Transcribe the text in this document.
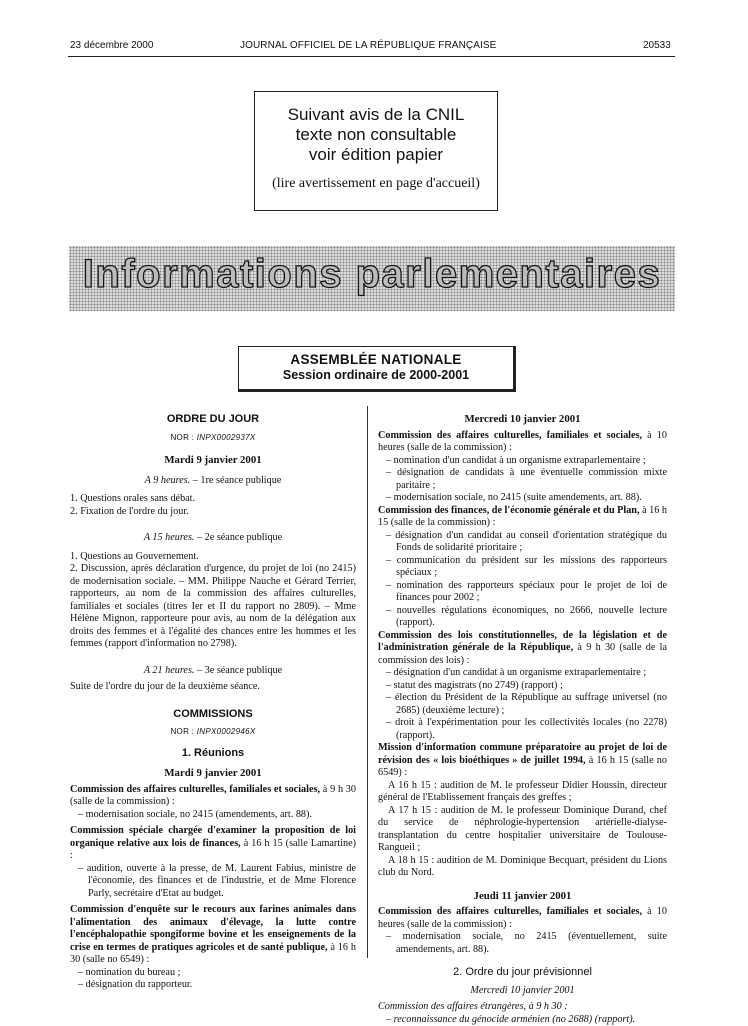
23 décembre 2000	JOURNAL OFFICIEL DE LA RÉPUBLIQUE FRANÇAISE	20533
Suivant avis de la CNIL
texte non consultable
voir édition papier
(lire avertissement en page d'accueil)
Informations parlementaires
ASSEMBLÉE NATIONALE
Session ordinaire de 2000-2001
ORDRE DU JOUR
NOR : INPX0002937X
Mardi 9 janvier 2001
A 9 heures. – 1re séance publique

1. Questions orales sans débat.

2. Fixation de l'ordre du jour.

A 15 heures. – 2e séance publique

1. Questions au Gouvernement.

2. Discussion, après déclaration d'urgence, du projet de loi (no 2415) de modernisation sociale. – MM. Philippe Nauche et Gérard Terrier, rapporteurs, au nom de la commission des affaires culturelles, familiales et sociales (titres Ier et II du rapport no 2809). – Mme Hélène Mignon, rapporteure pour avis, au nom de la délégation aux droits des femmes et à l'égalité des chances entre les hommes et les femmes (rapport d'information no 2798).

A 21 heures. – 3e séance publique

Suite de l'ordre du jour de la deuxième séance.

COMMISSIONS
NOR : INPX0002946X
1. Réunions
Mardi 9 janvier 2001

Commission des affaires culturelles, familiales et sociales, à 9 h 30 (salle de la commission) :

– modernisation sociale, no 2415 (amendements, art. 88).

Commission spéciale chargée d'examiner la proposition de loi organique relative aux lois de finances, à 16 h 15 (salle Lamartine) :

– audition, ouverte à la presse, de M. Laurent Fabius, ministre de l'économie, des finances et de l'industrie, et de Mme Florence Parly, secrétaire d'Etat au budget.

Commission d'enquête sur le recours aux farines animales dans l'alimentation des animaux d'élevage, la lutte contre l'encéphalopathie spongiforme bovine et les enseignements de la crise en termes de pratiques agricoles et de santé publique, à 16 h 30 (salle no 6549) :

– nomination du bureau ;

– désignation du rapporteur.

Mercredi 10 janvier 2001

Commission des affaires culturelles, familiales et sociales, à 10 heures (salle de la commission) :

– nomination d'un candidat à un organisme extraparlementaire ;

– désignation de candidats à une éventuelle commission mixte paritaire ;

– modernisation sociale, no 2415 (suite amendements, art. 88).

Commission des finances, de l'économie générale et du Plan, à 16 h 15 (salle de la commission) :

– désignation d'un candidat au conseil d'orientation stratégique du Fonds de solidarité prioritaire ;

– communication du président sur les missions des rapporteurs spéciaux ;

– nomination des rapporteurs spéciaux pour le projet de loi de finances pour 2002 ;

– nouvelles régulations économiques, no 2666, nouvelle lecture (rapport).

Commission des lois constitutionnelles, de la législation et de l'administration générale de la République, à 9 h 30 (salle de la commission des lois) :

– désignation d'un candidat à un organisme extraparlementaire ;

– statut des magistrats (no 2749) (rapport) ;

– élection du Président de la République au suffrage universel (no 2685) (deuxième lecture) ;

– droit à l'expérimentation pour les collectivités locales (no 2278) (rapport).

Mission d'information commune préparatoire au projet de loi de révision des « lois bioéthiques » de juillet 1994, à 16 h 15 (salle no 6549) :

A 16 h 15 : audition de M. le professeur Didier Houssin, directeur général de l'Etablissement français des greffes ;

A 17 h 15 : audition de M. le professeur Dominique Durand, chef du service de néphrologie-hypertension artérielle-dialyse-transplantation du centre hospitalier universitaire de Toulouse-Rangueil ;

A 18 h 15 : audition de M. Dominique Becquart, président du Lions club du Nord.

Jeudi 11 janvier 2001

Commission des affaires culturelles, familiales et sociales, à 10 heures (salle de la commission) :

– modernisation sociale, no 2415 (éventuellement, suite amendements, art. 88).

2. Ordre du jour prévisionnel
Mercredi 10 janvier 2001

Commission des affaires étrangères, à 9 h 30 :

– reconnaissance du génocide arménien (no 2688) (rapport).
